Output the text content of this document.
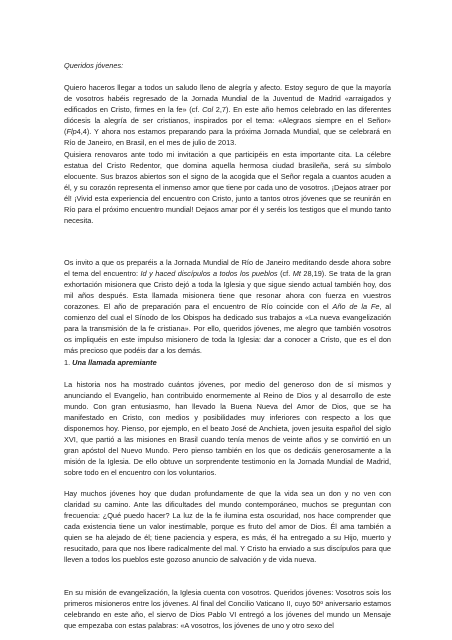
Queridos jóvenes:

Quiero haceros llegar a todos un saludo lleno de alegría y afecto. Estoy seguro de que la mayoría de vosotros habéis regresado de la Jornada Mundial de la Juventud de Madrid «arraigados y edificados en Cristo, firmes en la fe» (cf. Col 2,7). En este año hemos celebrado en las diferentes diócesis la alegría de ser cristianos, inspirados por el tema: «Alegraos siempre en el Señor» (Flp4,4). Y ahora nos estamos preparando para la próxima Jornada Mundial, que se celebrará en Río de Janeiro, en Brasil, en el mes de julio de 2013.

Quisiera renovaros ante todo mi invitación a que participéis en esta importante cita. La célebre estatua del Cristo Redentor, que domina aquella hermosa ciudad brasileña, será su símbolo elocuente. Sus brazos abiertos son el signo de la acogida que el Señor regala a cuantos acuden a él, y su corazón representa el inmenso amor que tiene por cada uno de vosotros. ¡Dejaos atraer por él! ¡Vivid esta experiencia del encuentro con Cristo, junto a tantos otros jóvenes que se reunirán en Río para el próximo encuentro mundial! Dejaos amar por él y seréis los testigos que el mundo tanto necesita.

Os invito a que os preparéis a la Jornada Mundial de Río de Janeiro meditando desde ahora sobre el tema del encuentro: Id y haced discípulos a todos los pueblos (cf. Mt 28,19). Se trata de la gran exhortación misionera que Cristo dejó a toda la Iglesia y que sigue siendo actual también hoy, dos mil años después. Esta llamada misionera tiene que resonar ahora con fuerza en vuestros corazones. El año de preparación para el encuentro de Río coincide con el Año de la Fe, al comienzo del cual el Sínodo de los Obispos ha dedicado sus trabajos a «La nueva evangelización para la transmisión de la fe cristiana». Por ello, queridos jóvenes, me alegro que también vosotros os impliquéis en este impulso misionero de toda la Iglesia: dar a conocer a Cristo, que es el don más precioso que podéis dar a los demás.

1. Una llamada apremiante

La historia nos ha mostrado cuántos jóvenes, por medio del generoso don de sí mismos y anunciando el Evangelio, han contribuido enormemente al Reino de Dios y al desarrollo de este mundo. Con gran entusiasmo, han llevado la Buena Nueva del Amor de Dios, que se ha manifestado en Cristo, con medios y posibilidades muy inferiores con respecto a los que disponemos hoy. Pienso, por ejemplo, en el beato José de Anchieta, joven jesuita español del siglo XVI, que partió a las misiones en Brasil cuando tenía menos de veinte años y se convirtió en un gran apóstol del Nuevo Mundo. Pero pienso también en los que os dedicáis generosamente a la misión de la Iglesia. De ello obtuve un sorprendente testimonio en la Jornada Mundial de Madrid, sobre todo en el encuentro con los voluntarios.

Hay muchos jóvenes hoy que dudan profundamente de que la vida sea un don y no ven con claridad su camino. Ante las dificultades del mundo contemporáneo, muchos se preguntan con frecuencia: ¿Qué puedo hacer? La luz de la fe ilumina esta oscuridad, nos hace comprender que cada existencia tiene un valor inestimable, porque es fruto del amor de Dios. Él ama también a quien se ha alejado de él; tiene paciencia y espera, es más, él ha entregado a su Hijo, muerto y resucitado, para que nos libere radicalmente del mal. Y Cristo ha enviado a sus discípulos para que lleven a todos los pueblos este gozoso anuncio de salvación y de vida nueva.

En su misión de evangelización, la Iglesia cuenta con vosotros. Queridos jóvenes: Vosotros sois los primeros misioneros entre los jóvenes. Al final del Concilio Vaticano II, cuyo 50º aniversario estamos celebrando en este año, el siervo de Dios Pablo VI entregó a los jóvenes del mundo un Mensaje que empezaba con estas palabras: «A vosotros, los jóvenes de uno y otro sexo del
